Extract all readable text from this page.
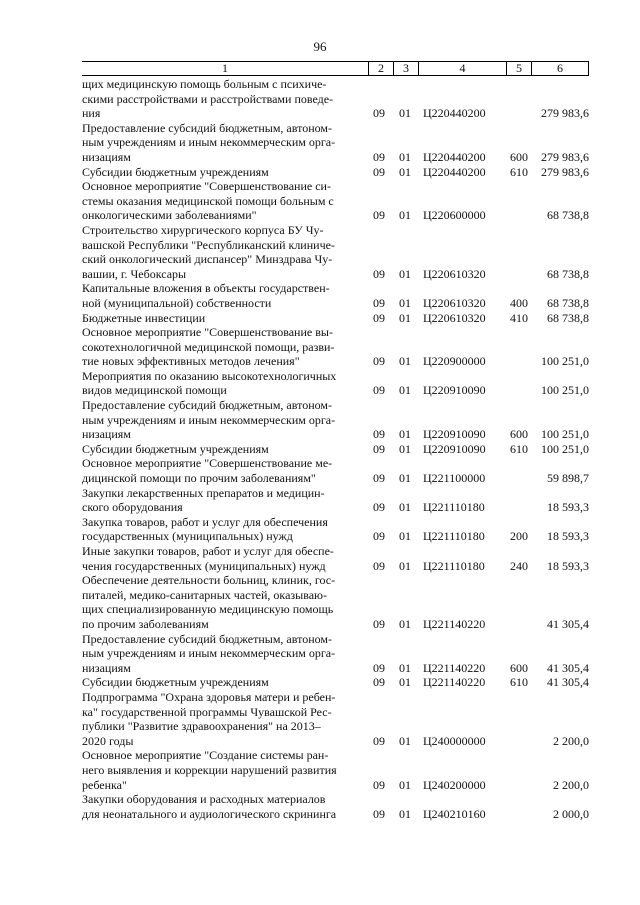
96
1	2	3	4	5	6
щих медицинскую помощь больным с психиче-
скими расстройствами и расстройствами поведе-
ния	09 01 Ц220440200	279 983,6
Предоставление субсидий бюджетным, автоном-
ным учреждениям и иным некоммерческим орга-
низациям	09 01 Ц220440200	600	279 983,6
Субсидии бюджетным учреждениям	09 01 Ц220440200	610	279 983,6
Основное мероприятие "Совершенствование си-
стемы оказания медицинской помощи больным с
онкологическими заболеваниями"	09 01 Ц220600000	68 738,8
Строительство хирургического корпуса БУ Чу-
вашской Республики "Республиканский клиниче-
ский онкологический диспансер" Минздрава Чу-
вашии, г. Чебоксары	09 01 Ц220610320	68 738,8
Капитальные вложения в объекты государствен-
ной (муниципальной) собственности	09 01 Ц220610320	400	68 738,8
Бюджетные инвестиции	09 01 Ц220610320	410	68 738,8
Основное мероприятие "Совершенствование вы-
сокотехнологичной медицинской помощи, разви-
тие новых эффективных методов лечения"	09 01 Ц220900000	100 251,0
Мероприятия по оказанию высокотехнологичных
видов медицинской помощи	09 01 Ц220910090	100 251,0
Предоставление субсидий бюджетным, автоном-
ным учреждениям и иным некоммерческим орга-
низациям	09 01 Ц220910090	600	100 251,0
Субсидии бюджетным учреждениям	09 01 Ц220910090	610	100 251,0
Основное мероприятие "Совершенствование ме-
дицинской помощи по прочим заболеваниям"	09 01 Ц221100000	59 898,7
Закупки лекарственных препаратов и медицин-
ского оборудования	09 01 Ц221110180	18 593,3
Закупка товаров, работ и услуг для обеспечения
государственных (муниципальных) нужд	09 01 Ц221110180	200	18 593,3
Иные закупки товаров, работ и услуг для обеспе-
чения государственных (муниципальных) нужд	09 01 Ц221110180	240	18 593,3
Обеспечение деятельности больниц, клиник, гос-
питалей, медико-санитарных частей, оказываю-
щих специализированную медицинскую помощь
по прочим заболеваниям	09 01 Ц221140220	41 305,4
Предоставление субсидий бюджетным, автоном-
ным учреждениям и иным некоммерческим орга-
низациям	09 01 Ц221140220	600	41 305,4
Субсидии бюджетным учреждениям	09 01 Ц221140220	610	41 305,4
Подпрограмма "Охрана здоровья матери и ребен-
ка" государственной программы Чувашской Рес-
публики "Развитие здравоохранения" на 2013–
2020 годы	09 01 Ц240000000	2 200,0
Основное мероприятие "Создание системы ран-
него выявления и коррекции нарушений развития
ребенка"	09 01 Ц240200000	2 200,0
Закупки оборудования и расходных материалов
для неонатального и аудиологического скрининга	09 01 Ц240210160	2 000,0
